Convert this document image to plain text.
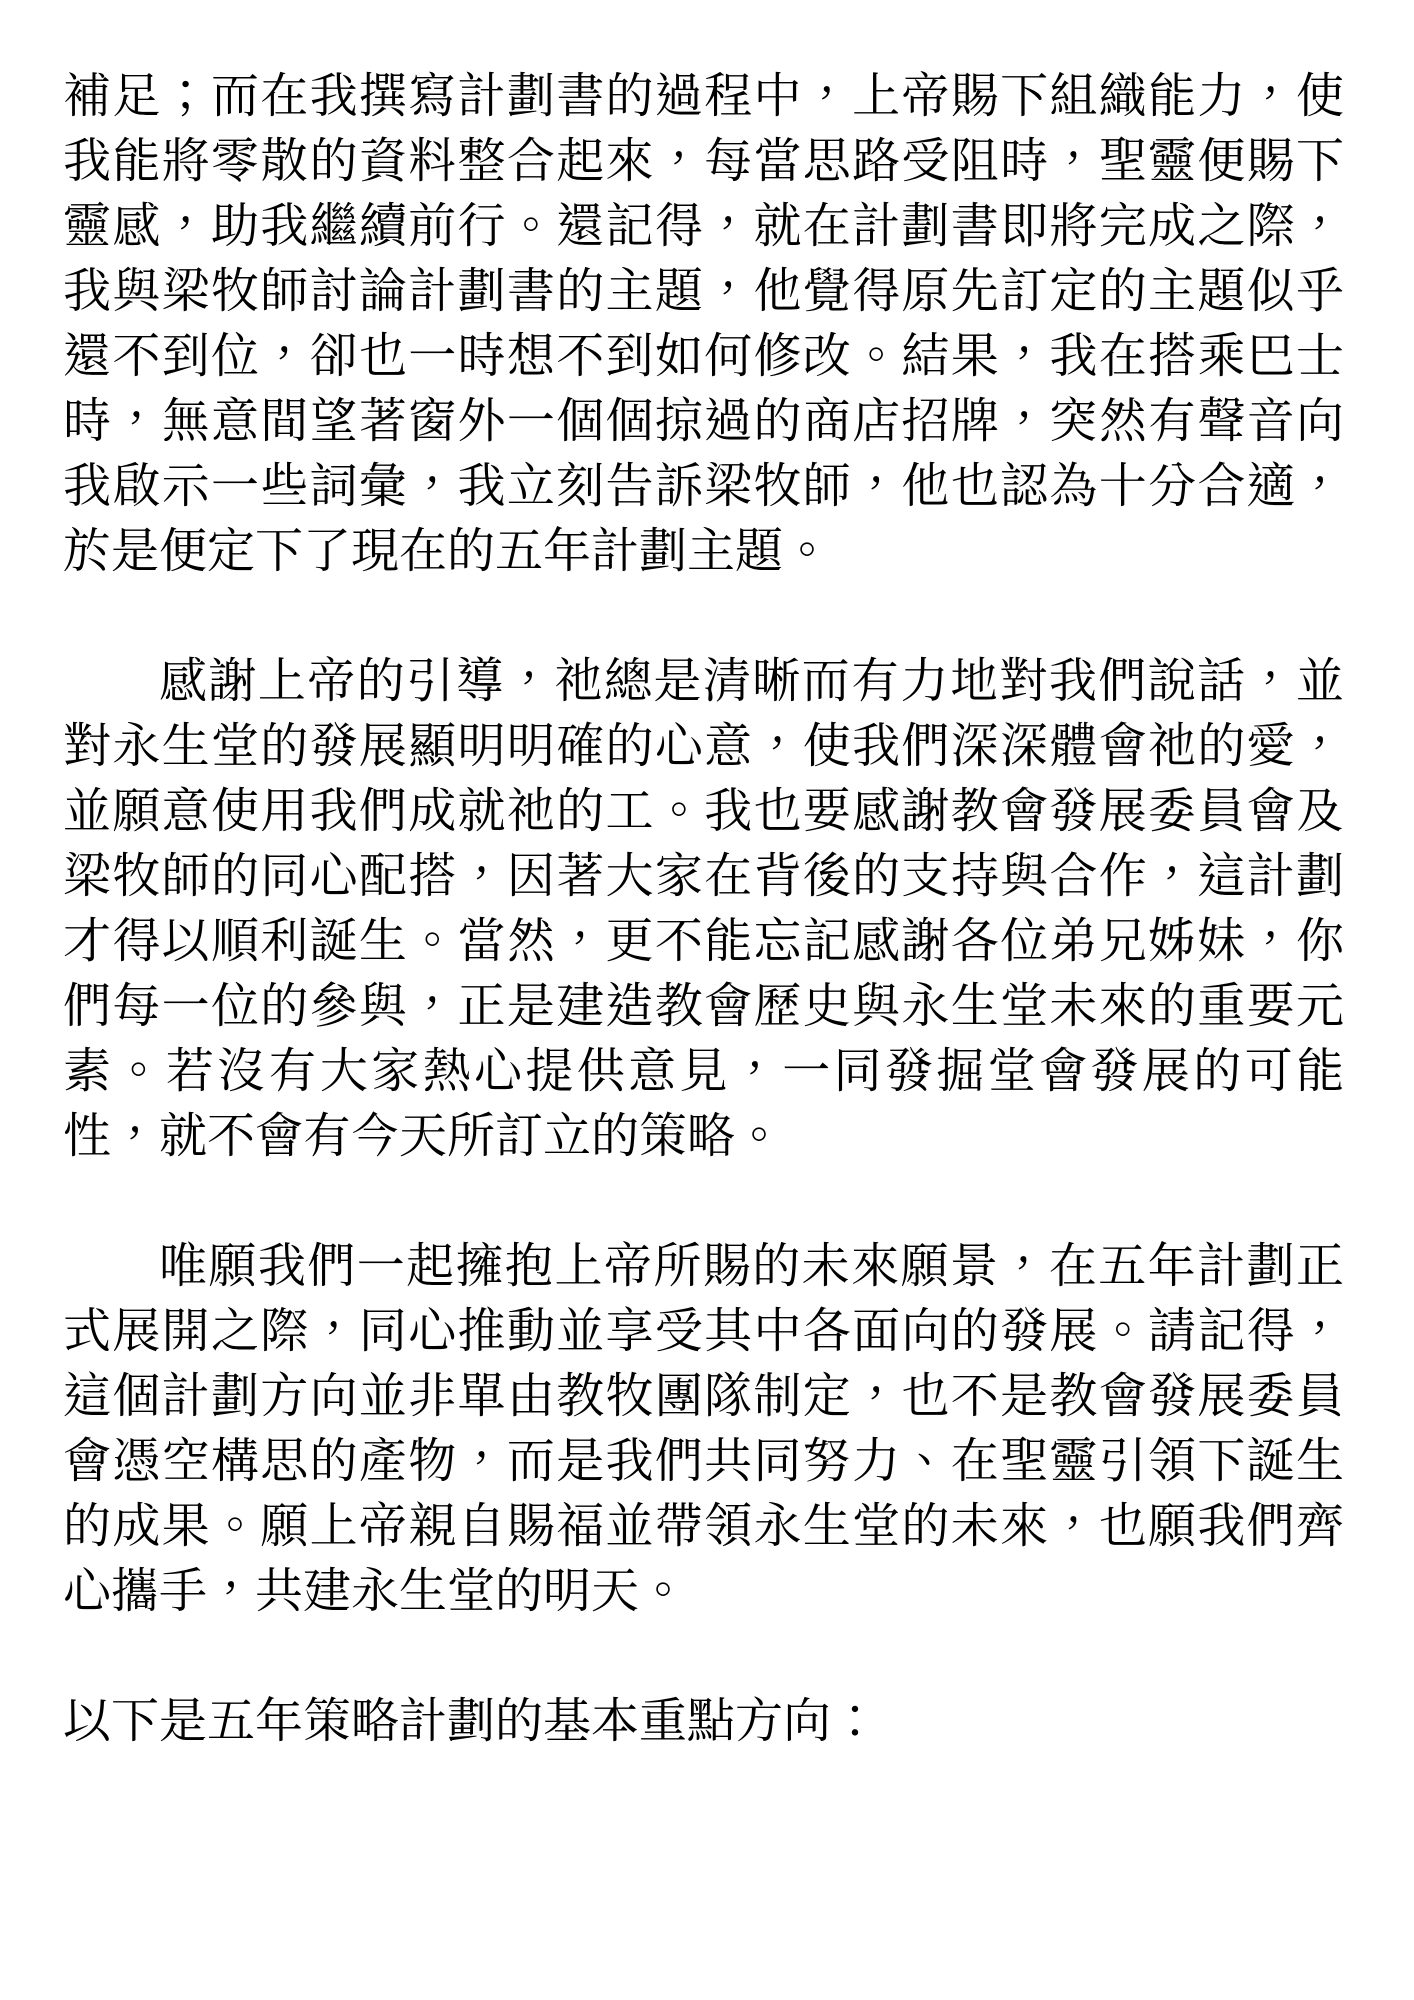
補足；而在我撰寫計劃書的過程中，上帝賜下組織能力，使
我能將零散的資料整合起來，每當思路受阻時，聖靈便賜下
靈感，助我繼續前行。還記得，就在計劃書即將完成之際，
我與梁牧師討論計劃書的主題，他覺得原先訂定的主題似乎
還不到位，卻也一時想不到如何修改。結果，我在搭乘巴士
時，無意間望著窗外一個個掠過的商店招牌，突然有聲音向
我啟示一些詞彙，我立刻告訴梁牧師，他也認為十分合適，
於是便定下了現在的五年計劃主題。
感謝上帝的引導，祂總是清晰而有力地對我們說話，並
對永生堂的發展顯明明確的心意，使我們深深體會祂的愛，
並願意使用我們成就祂的工。我也要感謝教會發展委員會及
梁牧師的同心配搭，因著大家在背後的支持與合作，這計劃
才得以順利誕生。當然，更不能忘記感謝各位弟兄姊妹，你
們每一位的參與，正是建造教會歷史與永生堂未來的重要元
素。若沒有大家熱心提供意見，一同發掘堂會發展的可能
性，就不會有今天所訂立的策略。
唯願我們一起擁抱上帝所賜的未來願景，在五年計劃正
式展開之際，同心推動並享受其中各面向的發展。請記得，
這個計劃方向並非單由教牧團隊制定，也不是教會發展委員
會憑空構思的產物，而是我們共同努力、在聖靈引領下誕生
的成果。願上帝親自賜福並帶領永生堂的未來，也願我們齊
心攜手，共建永生堂的明天。
以下是五年策略計劃的基本重點方向：
